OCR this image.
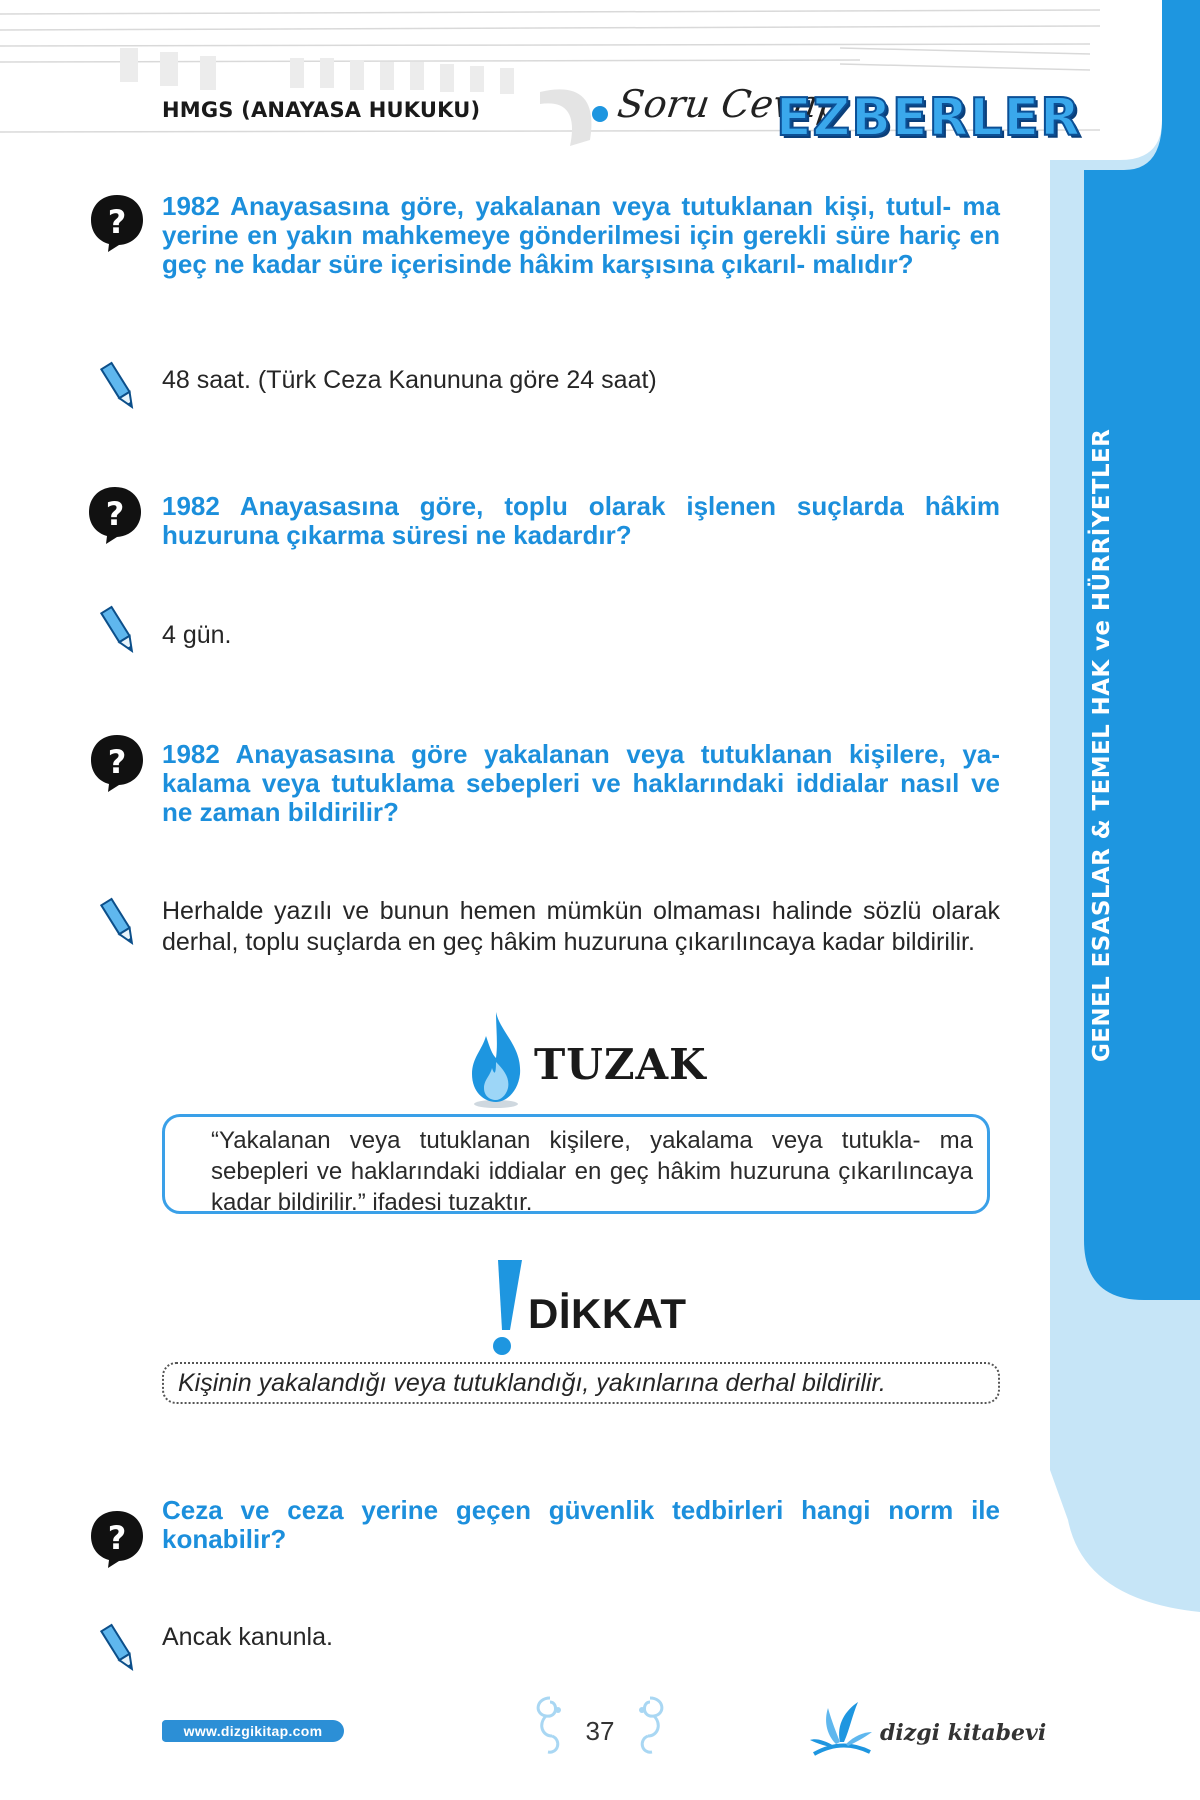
HMGS (ANAYASA HUKUKU)	Soru Cevap
EZBERLER
GENEL ESASLAR & TEMEL HAK ve HÜRRİYETLER
? 1982 Anayasasına göre, yakalanan veya tutuklanan kişi, tutul- ma yerine en yakın mahkemeye gönderilmesi için gerekli süre hariç en geç ne kadar süre içerisinde hâkim karşısına çıkarıl- malıdır?
48 saat. (Türk Ceza Kanununa göre 24 saat)
? 1982 Anayasasına göre, toplu olarak işlenen suçlarda hâkim huzuruna çıkarma süresi ne kadardır?
4 gün.
? 1982 Anayasasına göre yakalanan veya tutuklanan kişilere, ya- kalama veya tutuklama sebepleri ve haklarındaki iddialar nasıl ve ne zaman bildirilir?
Herhalde yazılı ve bunun hemen mümkün olmaması halinde sözlü olarak derhal, toplu suçlarda en geç hâkim huzuruna çıkarılıncaya kadar bildirilir.
TUZAK
“Yakalanan veya tutuklanan kişilere, yakalama veya tutukla- ma sebepleri ve haklarındaki iddialar en geç hâkim huzuruna çıkarılıncaya kadar bildirilir.” ifadesi tuzaktır.
DİKKAT
Kişinin yakalandığı veya tutuklandığı, yakınlarına derhal bildirilir.
?
Ceza ve ceza yerine geçen güvenlik tedbirleri hangi norm ile konabilir?
Ancak kanunla.
www.dizgikitap.com	37	dizgi kitabevi
